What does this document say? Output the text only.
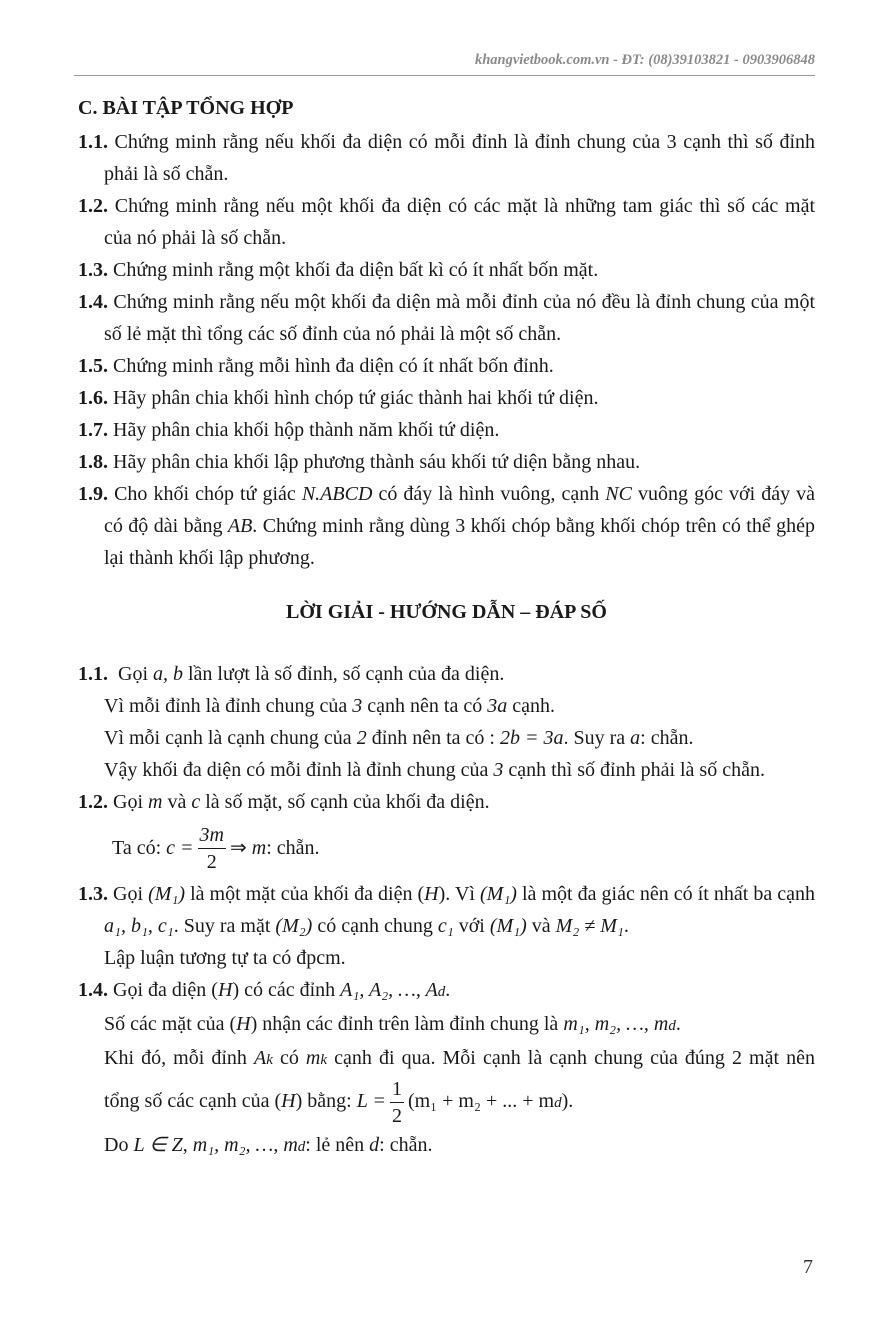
khangvietbook.com.vn - ĐT: (08)39103821 - 0903906848
C. BÀI TẬP TỔNG HỢP
1.1. Chứng minh rằng nếu khối đa diện có mỗi đỉnh là đỉnh chung của 3 cạnh thì số đỉnh phải là số chẵn.
1.2. Chứng minh rằng nếu một khối đa diện có các mặt là những tam giác thì số các mặt của nó phải là số chẵn.
1.3. Chứng minh rằng một khối đa diện bất kì có ít nhất bốn mặt.
1.4. Chứng minh rằng nếu một khối đa diện mà mỗi đỉnh của nó đều là đỉnh chung của một số lẻ mặt thì tổng các số đỉnh của nó phải là một số chẵn.
1.5. Chứng minh rằng mỗi hình đa diện có ít nhất bốn đỉnh.
1.6. Hãy phân chia khối hình chóp tứ giác thành hai khối tứ diện.
1.7. Hãy phân chia khối hộp thành năm khối tứ diện.
1.8. Hãy phân chia khối lập phương thành sáu khối tứ diện bằng nhau.
1.9. Cho khối chóp tứ giác N.ABCD có đáy là hình vuông, cạnh NC vuông góc với đáy và có độ dài bằng AB. Chứng minh rằng dùng 3 khối chóp bằng khối chóp trên có thể ghép lại thành khối lập phương.
LỜI GIẢI - HƯỚNG DẪN – ĐÁP SỐ
1.1. Gọi a, b lần lượt là số đỉnh, số cạnh của đa diện.
Vì mỗi đỉnh là đỉnh chung của 3 cạnh nên ta có 3a cạnh.
Vì mỗi cạnh là cạnh chung của 2 đỉnh nên ta có : 2b = 3a. Suy ra a: chẵn.
Vậy khối đa diện có mỗi đỉnh là đỉnh chung của 3 cạnh thì số đỉnh phải là số chẵn.
1.2. Gọi m và c là số mặt, số cạnh của khối đa diện.
Ta có:
$c = \frac{3m}{2}$ ⇒
m : chẵn.
1.3. Gọi (M₁) là một mặt của khối đa diện (H). Vì (M₁) là một đa giác nên có ít nhất ba cạnh a₁, b₁, c₁. Suy ra mặt (M₂) có cạnh chung c₁ với (M₁) và M₂ ≠ M₁.
Lập luận tương tự ta có đpcm.
1.4. Gọi đa diện (H) có các đỉnh A₁, A₂, …, Ad.
Số các mặt của (H) nhận các đỉnh trên làm đỉnh chung là m₁, m₂, …, md.
Khi đó, mỗi đỉnh Ak có mk cạnh đi qua. Mỗi cạnh là cạnh chung của đúng 2 mặt nên tổng số các cạnh của (H) bằng: $L = \frac{1}{2} (m_1 + m_2$ + ... + md).
Do L ∈ Z, m₁, m₂, …, md: lẻ nên d: chẵn.
7
